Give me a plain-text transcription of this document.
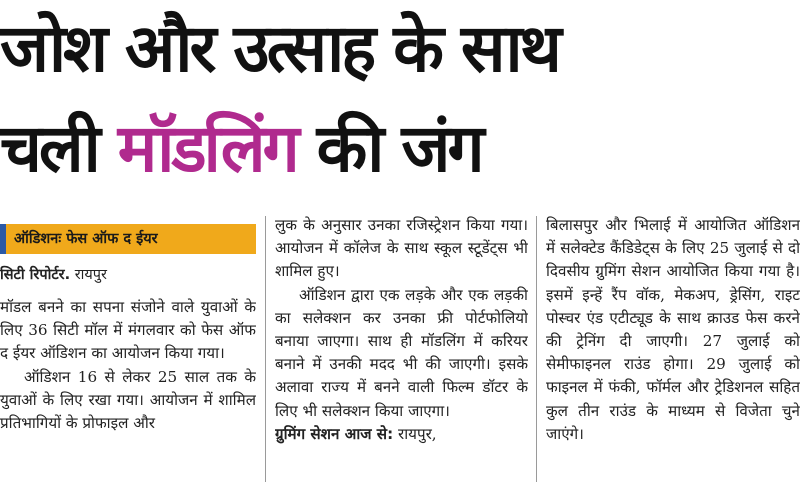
जोश और उत्साह के साथ
चली मॉडलिंग की जंग
ऑडिशनः फेस ऑफ द ईयर
सिटी रिपोर्टर. रायपुर

मॉडल बनने का सपना संजोने वाले युवाओं के लिए 36 सिटी मॉल में मंगलवार को फेस ऑफ द ईयर ऑडिशन का आयोजन किया गया।

ऑडिशन 16 से लेकर 25 साल तक के युवाओं के लिए रखा गया। आयोजन में शामिल प्रतिभागियों के प्रोफाइल और

लुक के अनुसार उनका रजिस्ट्रेशन किया गया। आयोजन में कॉलेज के साथ स्कूल स्टूडेंट्स भी शामिल हुए।

ऑडिशन द्वारा एक लड़के और एक लड़की का सलेक्शन कर उनका फ्री पोर्टफोलियो बनाया जाएगा। साथ ही मॉडलिंग में करियर बनाने में उनकी मदद भी की जाएगी। इसके अलावा राज्य में बनने वाली फिल्म डॉटर के लिए भी सलेक्शन किया जाएगा।

ग्रुमिंग सेशन आज से: रायपुर,

बिलासपुर और भिलाई में आयोजित ऑडिशन में सलेक्टेड कैंडिडेट्स के लिए 25 जुलाई से दो दिवसीय ग्रुमिंग सेशन आयोजित किया गया है। इसमें इन्हें रैंप वॉक, मेकअप, ड्रेसिंग, राइट पोस्चर एंड एटीट्यूड के साथ क्राउड फेस करने की ट्रेनिंग दी जाएगी। 27 जुलाई को सेमीफाइनल राउंड होगा। 29 जुलाई को फाइनल में फंकी, फॉर्मल और ट्रेडिशनल सहित कुल तीन राउंड के माध्यम से विजेता चुने जाएंगे।
